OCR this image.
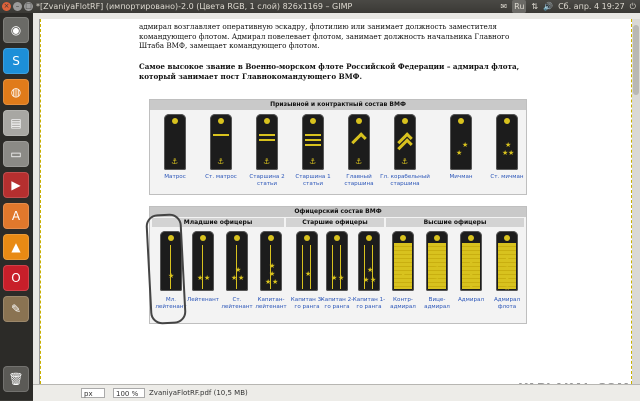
*[ZvaniyaFlotRF] (импортировано)-2.0 (Цвета RGB, 1 слой) 826x1169 – GIMP
× – □	✉ Ru ⇅ 🔊 Сб. апр. 4 19:27 ⏻
◉
S
◍
▤
▭
▶
A
▲
O
✎
🗑
адмирал возглавляет оперативную эскадру, флотилию или занимает должность заместителя командующего флотом. Адмирал повелевает флотом, занимает должность начальника Главного Штаба ВМФ, замещает командующего флотом.
Самое высокое звание в Военно-морском флоте Российской Федерации – адмирал флота, который занимает пост Главнокомандующего ВМФ.
Призывной и контрактный состав ВМФ
⚓
Матрос
⚓
Ст. матрос
⚓
Старшина 2 статьи
⚓
Старшина 1 статьи
⚓
Главный старшина
⚓
Гл. корабельный старшина
★
★
Мичман
★ ★
★
Ст. мичман
Офицерский состав ВМФ
Младшие офицеры	Старшие офицеры	Высшие офицеры
★
Мл. лейтенант
★ ★
Лейтенант
★ ★
★
Ст. лейтенант
★ ★
★
★
Капитан-лейтенант
★
Капитан 3-го ранга
★ ★
Капитан 2-го ранга
★ ★
★
Капитан 1-го ранга
★
Контр-адмирал
★
★
Вице-адмирал
★
★
★
Адмирал
★
★
★
★
Адмирал флота
px	100 %	ZvaniyaFlotRF.pdf (10,5 MB)
